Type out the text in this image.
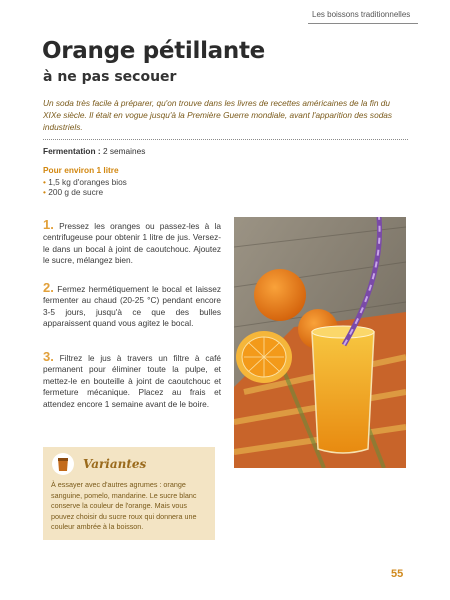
Les boissons traditionnelles
Orange pétillante
à ne pas secouer
Un soda très facile à préparer, qu'on trouve dans les livres de recettes américaines de la fin du XIXe siècle. Il était en vogue jusqu'à la Première Guerre mondiale, avant l'apparition des sodas industriels.
Fermentation : 2 semaines
Pour environ 1 litre
• 1,5 kg d'oranges bios
• 200 g de sucre
1. Pressez les oranges ou passez-les à la centrifugeuse pour obtenir 1 litre de jus. Versez-le dans un bocal à joint de caoutchouc. Ajoutez le sucre, mélangez bien.
2. Fermez hermétiquement le bocal et laissez fermenter au chaud (20-25 °C) pendant encore 3-5 jours, jusqu'à ce que des bulles apparaissent quand vous agitez le bocal.
3. Filtrez le jus à travers un filtre à café permanent pour éliminer toute la pulpe, et mettez-le en bouteille à joint de caoutchouc et fermeture mécanique. Placez au frais et attendez encore 1 semaine avant de le boire.
Variantes
À essayer avec d'autres agrumes : orange sanguine, pomelo, mandarine. Le sucre blanc conserve la couleur de l'orange. Mais vous pouvez choisir du sucre roux qui donnera une couleur ambrée à la boisson.
55
